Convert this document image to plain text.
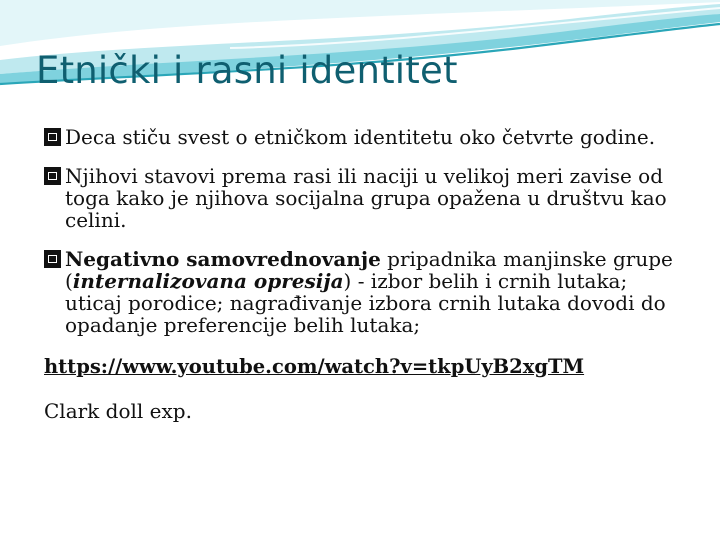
Etnički i rasni identitet
Deca stiču svest o etničkom identitetu oko četvrte godine.
Njihovi stavovi prema rasi ili naciji u velikoj meri zavise od toga kako je njihova socijalna grupa opažena u društvu kao celini.
Negativno samovrednovanje pripadnika manjinske grupe (internalizovana opresija) - izbor belih i crnih lutaka; uticaj porodice; nagrađivanje izbora crnih lutaka dovodi do opadanje preferencije belih lutaka;
https://www.youtube.com/watch?v=tkpUyB2xgTM

Clark doll exp.
